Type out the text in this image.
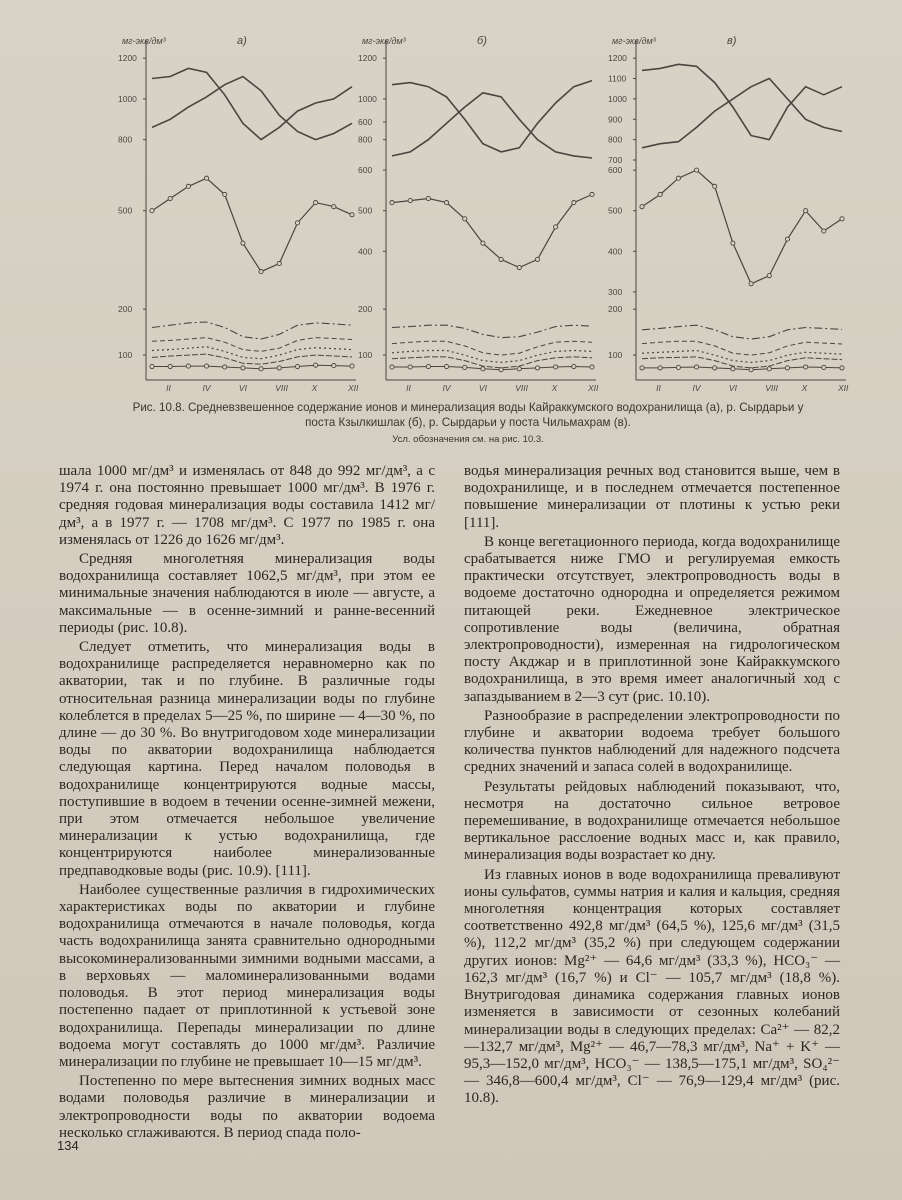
мг-экв/дм³	а)
1200
1000
800
500
200
100
II	IV	VI	VIII	X	XII
мг-экв/дм³	б)
1200
1000
800
600
600
500
400
200
100
II	IV	VI	VIII	X	XII
мг-экв/дм³	в)
1200
1100
1000
900
800
700
600
500
400
300
200
100
II	IV	VI	VIII	X	XII
Рис. 10.8. Средневзвешенное содержание ионов и минерализация воды Кайраккумского водохранилища (а), р. Сырдарьи у поста Кзылкишлак (б), р. Сырдарьи у поста Чильмахрам (в).
Усл. обозначения см. на рис. 10.3.

шала 1000 мг/дм³ и изменялась от 848 до 992 мг/дм³, а с 1974 г. она постоянно превышает 1000 мг/дм³. В 1976 г. средняя годовая минерализация воды составила 1412 мг/дм³, а в 1977 г. — 1708 мг/дм³. С 1977 по 1985 г. она изменялась от 1226 до 1626 мг/дм³.

Средняя многолетняя минерализация воды водохранилища составляет 1062,5 мг/дм³, при этом ее минимальные значения наблюдаются в июле — августе, а максимальные — в осенне-зимний и ранне-весенний периоды (рис. 10.8).

Следует отметить, что минерализация воды в водохранилище распределяется неравномерно как по акватории, так и по глубине. В различные годы относительная разница минерализации воды по глубине колеблется в пределах 5—25 %, по ширине — 4—30 %, по длине — до 30 %. Во внутригодовом ходе минерализации воды по акватории водохранилища наблюдается следующая картина. Перед началом половодья в водохранилище концентрируются водные массы, поступившие в водоем в течении осенне-зимней межени, при этом отмечается небольшое увеличение минерализации к устью водохранилища, где концентрируются наиболее минерализованные предпаводковые воды (рис. 10.9). [111].

Наиболее существенные различия в гидрохимических характеристиках воды по акватории и глубине водохранилища отмечаются в начале половодья, когда часть водохранилища занята сравнительно однородными высокоминерализованными зимними водными массами, а в верховьях — маломинерализованными водами половодья. В этот период минерализация воды постепенно падает от приплотинной к устьевой зоне водохранилища. Перепады минерализации по длине водоема могут составлять до 1000 мг/дм³. Различие минерализации по глубине не превышает 10—15 мг/дм³.

Постепенно по мере вытеснения зимних водных масс водами половодья различие в минерализации и электропроводности воды по акватории водоема несколько сглаживаются. В период спада поло-

водья минерализация речных вод становится выше, чем в водохранилище, и в последнем отмечается постепенное повышение минерализации от плотины к устью реки [111].

В конце вегетационного периода, когда водохранилище срабатывается ниже ГМО и регулируемая емкость практически отсутствует, электропроводность воды в водоеме достаточно однородна и определяется режимом питающей реки. Ежедневное электрическое сопротивление воды (величина, обратная электропроводности), измеренная на гидрологическом посту Акджар и в приплотинной зоне Кайраккумского водохранилища, в это время имеет аналогичный ход с запаздыванием в 2—3 сут (рис. 10.10).

Разнообразие в распределении электропроводности по глубине и акватории водоема требует большого количества пунктов наблюдений для надежного подсчета средних значений и запаса солей в водохранилище.

Результаты рейдовых наблюдений показывают, что, несмотря на достаточно сильное ветровое перемешивание, в водохранилище отмечается небольшое вертикальное расслоение водных масс и, как правило, минерализация воды возрастает ко дну.

Из главных ионов в воде водохранилища преваливуют ионы сульфатов, суммы натрия и калия и кальция, средняя многолетняя концентрация которых составляет соответственно 492,8 мг/дм³ (64,5 %), 125,6 мг/дм³ (31,5 %), 112,2 мг/дм³ (35,2 %) при следующем содержании других ионов: Mg²⁺ — 64,6 мг/дм³ (33,3 %), HCO₃⁻ — 162,3 мг/дм³ (16,7 %) и Cl⁻ — 105,7 мг/дм³ (18,8 %). Внутригодовая динамика содержания главных ионов изменяется в зависимости от сезонных колебаний минерализации воды в следующих пределах: Ca²⁺ — 82,2—132,7 мг/дм³, Mg²⁺ — 46,7—78,3 мг/дм³, Na⁺ + K⁺ — 95,3—152,0 мг/дм³, HCO₃⁻ — 138,5—175,1 мг/дм³, SO₄²⁻ — 346,8—600,4 мг/дм³, Cl⁻ — 76,9—129,4 мг/дм³ (рис. 10.8).

134
